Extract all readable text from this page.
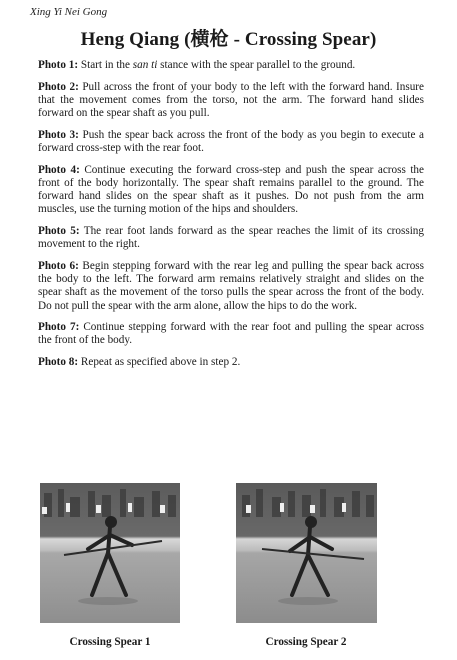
Xing Yi Nei Gong
Heng Qiang (横枪 - Crossing Spear)

Photo 1: Start in the san ti stance with the spear parallel to the ground.

Photo 2: Pull across the front of your body to the left with the forward hand. Insure that the movement comes from the torso, not the arm. The forward hand slides forward on the spear shaft as you pull.

Photo 3: Push the spear back across the front of the body as you begin to execute a forward cross-step with the rear foot.

Photo 4: Continue executing the forward cross-step and push the spear across the front of the body horizontally. The spear shaft remains parallel to the ground. The forward hand slides on the spear shaft as it pushes. Do not push from the arm muscles, use the turning motion of the hips and shoulders.

Photo 5: The rear foot lands forward as the spear reaches the limit of its crossing movement to the right.

Photo 6: Begin stepping forward with the rear leg and pulling the spear back across the body to the left. The forward arm remains relatively straight and slides on the spear shaft as the movement of the torso pulls the spear across the front of the body. Do not pull the spear with the arm alone, allow the hips to do the work.

Photo 7: Continue stepping forward with the rear foot and pulling the spear across the front of the body.

Photo 8: Repeat as specified above in step 2.

Crossing Spear 1	Crossing Spear 2
